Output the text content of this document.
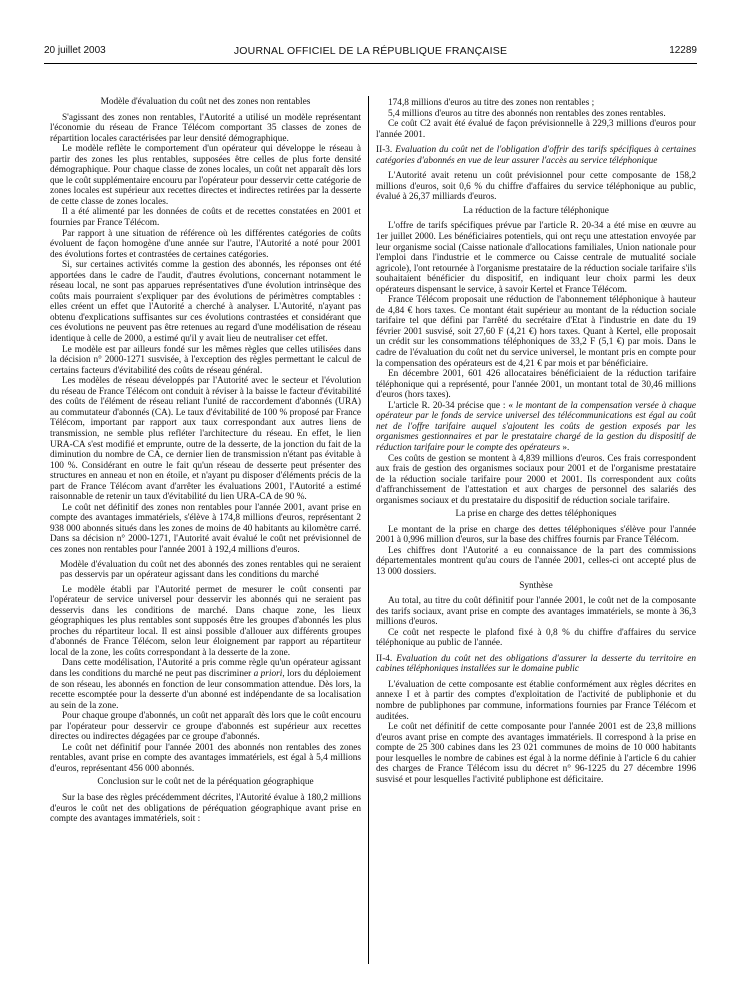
20 juillet 2003	JOURNAL OFFICIEL DE LA RÉPUBLIQUE FRANÇAISE	12289

Modèle d'évaluation du coût net des zones non rentables

S'agissant des zones non rentables, l'Autorité a utilisé un modèle représentant l'économie du réseau de France Télécom comportant 35 classes de zones de répartition locales caractérisées par leur densité démographique.

Le modèle reflète le comportement d'un opérateur qui développe le réseau à partir des zones les plus rentables, supposées être celles de plus forte densité démographique. Pour chaque classe de zones locales, un coût net apparaît dès lors que le coût supplémentaire encouru par l'opérateur pour desservir cette catégorie de zones locales est supérieur aux recettes directes et indirectes retirées par la desserte de cette classe de zones locales.

Il a été alimenté par les données de coûts et de recettes constatées en 2001 et fournies par France Télécom.

Par rapport à une situation de référence où les différentes catégories de coûts évoluent de façon homogène d'une année sur l'autre, l'Autorité a noté pour 2001 des évolutions fortes et contrastées de certaines catégories.

Si, sur certaines activités comme la gestion des abonnés, les réponses ont été apportées dans le cadre de l'audit, d'autres évolutions, concernant notamment le réseau local, ne sont pas apparues représentatives d'une évolution intrinsèque des coûts mais pourraient s'expliquer par des évolutions de périmètres comptables : elles créent un effet que l'Autorité a cherché à analyser. L'Autorité, n'ayant pas obtenu d'explications suffisantes sur ces évolutions contrastées et considérant que ces évolutions ne peuvent pas être retenues au regard d'une modélisation de réseau identique à celle de 2000, a estimé qu'il y avait lieu de neutraliser cet effet.

Le modèle est par ailleurs fondé sur les mêmes règles que celles utilisées dans la décision n° 2000-1271 susvisée, à l'exception des règles permettant le calcul de certains facteurs d'évitabilité des coûts de réseau général.

Les modèles de réseau développés par l'Autorité avec le secteur et l'évolution du réseau de France Télécom ont conduit à réviser à la baisse le facteur d'évitabilité des coûts de l'élément de réseau reliant l'unité de raccordement d'abonnés (URA) au commutateur d'abonnés (CA). Le taux d'évitabilité de 100 % proposé par France Télécom, important par rapport aux taux correspondant aux autres liens de transmission, ne semble plus refléter l'architecture du réseau. En effet, le lien URA-CA s'est modifié et emprunte, outre de la desserte, de la jonction du fait de la diminution du nombre de CA, ce dernier lien de transmission n'étant pas évitable à 100 %. Considérant en outre le fait qu'un réseau de desserte peut présenter des structures en anneau et non en étoile, et n'ayant pu disposer d'éléments précis de la part de France Télécom avant d'arrêter les évaluations 2001, l'Autorité a estimé raisonnable de retenir un taux d'évitabilité du lien URA-CA de 90 %.

Le coût net définitif des zones non rentables pour l'année 2001, avant prise en compte des avantages immatériels, s'élève à 174,8 millions d'euros, représentant 2 938 000 abonnés situés dans les zones de moins de 40 habitants au kilomètre carré. Dans sa décision n° 2000-1271, l'Autorité avait évalué le coût net prévisionnel de ces zones non rentables pour l'année 2001 à 192,4 millions d'euros.

Modèle d'évaluation du coût net des abonnés des zones rentables qui ne seraient pas desservis par un opérateur agissant dans les conditions du marché

Le modèle établi par l'Autorité permet de mesurer le coût consenti par l'opérateur de service universel pour desservir les abonnés qui ne seraient pas desservis dans les conditions de marché. Dans chaque zone, les lieux géographiques les plus rentables sont supposés être les groupes d'abonnés les plus proches du répartiteur local. Il est ainsi possible d'allouer aux différents groupes d'abonnés de France Télécom, selon leur éloignement par rapport au répartiteur local de la zone, les coûts correspondant à la desserte de la zone.

Dans cette modélisation, l'Autorité a pris comme règle qu'un opérateur agissant dans les conditions du marché ne peut pas discriminer a priori, lors du déploiement de son réseau, les abonnés en fonction de leur consommation attendue. Dès lors, la recette escomptée pour la desserte d'un abonné est indépendante de sa localisation au sein de la zone.

Pour chaque groupe d'abonnés, un coût net apparaît dès lors que le coût encouru par l'opérateur pour desservir ce groupe d'abonnés est supérieur aux recettes directes ou indirectes dégagées par ce groupe d'abonnés.

Le coût net définitif pour l'année 2001 des abonnés non rentables des zones rentables, avant prise en compte des avantages immatériels, est égal à 5,4 millions d'euros, représentant 456 000 abonnés.

Conclusion sur le coût net de la péréquation géographique

Sur la base des règles précédemment décrites, l'Autorité évalue à 180,2 millions d'euros le coût net des obligations de péréquation géographique avant prise en compte des avantages immatériels, soit :

174,8 millions d'euros au titre des zones non rentables ;

5,4 millions d'euros au titre des abonnés non rentables des zones rentables.

Ce coût C2 avait été évalué de façon prévisionnelle à 229,3 millions d'euros pour l'année 2001.

II-3. Evaluation du coût net de l'obligation d'offrir des tarifs spécifiques à certaines catégories d'abonnés en vue de leur assurer l'accès au service téléphonique

L'Autorité avait retenu un coût prévisionnel pour cette composante de 158,2 millions d'euros, soit 0,6 % du chiffre d'affaires du service téléphonique au public, évalué à 26,37 milliards d'euros.

La réduction de la facture téléphonique

L'offre de tarifs spécifiques prévue par l'article R. 20-34 a été mise en œuvre au 1er juillet 2000. Les bénéficiaires potentiels, qui ont reçu une attestation envoyée par leur organisme social (Caisse nationale d'allocations familiales, Union nationale pour l'emploi dans l'industrie et le commerce ou Caisse centrale de mutualité sociale agricole), l'ont retournée à l'organisme prestataire de la réduction sociale tarifaire s'ils souhaitaient bénéficier du dispositif, en indiquant leur choix parmi les deux opérateurs dispensant le service, à savoir Kertel et France Télécom.

France Télécom proposait une réduction de l'abonnement téléphonique à hauteur de 4,84 € hors taxes. Ce montant était supérieur au montant de la réduction sociale tarifaire tel que défini par l'arrêté du secrétaire d'Etat à l'industrie en date du 19 février 2001 susvisé, soit 27,60 F (4,21 €) hors taxes. Quant à Kertel, elle proposait un crédit sur les consommations téléphoniques de 33,2 F (5,1 €) par mois. Dans le cadre de l'évaluation du coût net du service universel, le montant pris en compte pour la compensation des opérateurs est de 4,21 € par mois et par bénéficiaire.

En décembre 2001, 601 426 allocataires bénéficiaient de la réduction tarifaire téléphonique qui a représenté, pour l'année 2001, un montant total de 30,46 millions d'euros (hors taxes).

L'article R. 20-34 précise que : « le montant de la compensation versée à chaque opérateur par le fonds de service universel des télécommunications est égal au coût net de l'offre tarifaire auquel s'ajoutent les coûts de gestion exposés par les organismes gestionnaires et par le prestataire chargé de la gestion du dispositif de réduction tarifaire pour le compte des opérateurs ».

Ces coûts de gestion se montent à 4,839 millions d'euros. Ces frais correspondent aux frais de gestion des organismes sociaux pour 2001 et de l'organisme prestataire de la réduction sociale tarifaire pour 2000 et 2001. Ils correspondent aux coûts d'affranchissement de l'attestation et aux charges de personnel des salariés des organismes sociaux et du prestataire du dispositif de réduction sociale tarifaire.

La prise en charge des dettes téléphoniques

Le montant de la prise en charge des dettes téléphoniques s'élève pour l'année 2001 à 0,996 million d'euros, sur la base des chiffres fournis par France Télécom.

Les chiffres dont l'Autorité a eu connaissance de la part des commissions départementales montrent qu'au cours de l'année 2001, celles-ci ont accepté plus de 13 000 dossiers.

Synthèse

Au total, au titre du coût définitif pour l'année 2001, le coût net de la composante des tarifs sociaux, avant prise en compte des avantages immatériels, se monte à 36,3 millions d'euros.

Ce coût net respecte le plafond fixé à 0,8 % du chiffre d'affaires du service téléphonique au public de l'année.

II-4. Evaluation du coût net des obligations d'assurer la desserte du territoire en cabines téléphoniques installées sur le domaine public

L'évaluation de cette composante est établie conformément aux règles décrites en annexe I et à partir des comptes d'exploitation de l'activité de publiphonie et du nombre de publiphones par commune, informations fournies par France Télécom et auditées.

Le coût net définitif de cette composante pour l'année 2001 est de 23,8 millions d'euros avant prise en compte des avantages immatériels. Il correspond à la prise en compte de 25 300 cabines dans les 23 021 communes de moins de 10 000 habitants pour lesquelles le nombre de cabines est égal à la norme définie à l'article 6 du cahier des charges de France Télécom issu du décret n° 96-1225 du 27 décembre 1996 susvisé et pour lesquelles l'activité publiphone est déficitaire.
